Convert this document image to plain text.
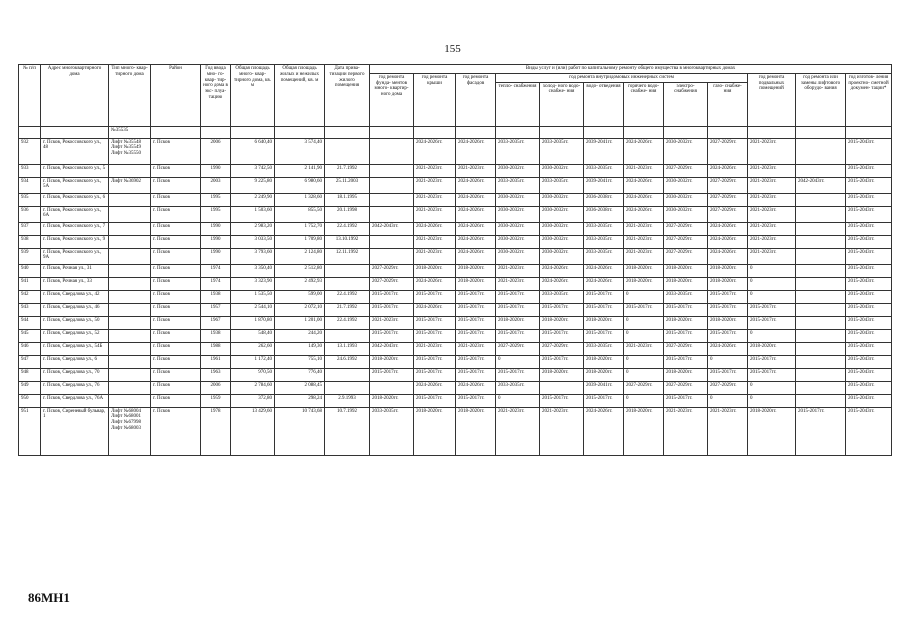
155
№ п/п	Адрес многоквартирного дома	Тип много- квар- тирного дома	Район	Год ввода мно- го- квар- тир- ного дома в экс- плуа- тацию	Общая площадь много- квар- тирного дома, кв. м	Общая площадь жилых и нежилых помещений, кв. м	Дата прива- тизации первого жилого помещения	Виды услуг и (или) работ по капитальному ремонту общего имущества в многоквартирных домах											
								год ремонта фунда- ментов много- квартир- ного дома	год ремонта крыши	год ремонта фасадов	год ремонта внутридомовых инженерных систем						год ремонта подвальных помещений	год ремонта или замены лифтового оборудо- вания	год изготов- ления проектно- сметной докумен- тации*
											тепло- снабжения	холод- ного водо- снабже- ния	водо- отведения	горячего водо- снабже- ния	электро- снабжения	газо- снабже- ния			
		№35535																	
932	г. Псков, Рокоссовского ул., 48	Лифт №35548 Лифт №35549 Лифт №35550	г. Псков	2006	6 640,40	3 574,40			2024-2026гг.	2024-2026гг.	2033-2035гг.	2033-2035гг.	2039-2041гг.	2024-2026гг.	2030-2032гг.	2027-2029гг.	2021-2023гг.		2015-2043гг.
933	г. Псков, Рокоссовского ул., 5		г. Псков	1990	3 742,50	2 141,90	21.7.1992		2021-2023гг.	2021-2023гг.	2030-2032гг.	2030-2032гг.	2033-2035гг.	2021-2023гг.	2027-2029гг.	2024-2026гг.	2021-2023гг.		2015-2043гг.
934	г. Псков, Рокоссовского ул., 5А	Лифт №36902	г. Псков	2003	9 225,80	6 980,60	25.11.2003		2021-2023гг.	2024-2026гг.	2033-2035гг.	2033-2035гг.	2039-2041гг.	2024-2026гг.	2030-2032гг.	2027-2029гг.	2021-2023гг.	2042-2043гг.	2015-2043гг.
935	г. Псков, Рокоссовского ул., 6		г. Псков	1995	2 249,90	1 328,60	18.1.1995		2021-2023гг.	2024-2026гг.	2030-2032гг.	2030-2032гг.	2036-2038гг.	2024-2026гг.	2030-2032гг.	2027-2029гг.	2021-2023гг.		2015-2043гг.
936	г. Псков, Рокоссовского ул., 6А		г. Псков	1995	1 503,60	855,50	20.1.1998		2021-2023гг.	2024-2026гг.	2030-2032гг.	2030-2032гг.	2036-2038гг.	2024-2026гг.	2030-2032гг.	2027-2029гг.	2021-2023гг.		2015-2043гг.
937	г. Псков, Рокоссовского ул., 7		г. Псков	1990	2 983,20	1 752,70	22.4.1992	2042-2043гг.	2024-2026гг.	2024-2026гг.	2030-2032гг.	2030-2032гг.	2033-2035гг.	2021-2023гг.	2027-2029гг.	2024-2026гг.	2021-2023гг.		2015-2043гг.
938	г. Псков, Рокоссовского ул., 9		г. Псков	1990	3 033,50	1 709,80	13.10.1992		2021-2023гг.	2024-2026гг.	2030-2032гг.	2030-2032гг.	2033-2035гг.	2021-2023гг.	2027-2029гг.	2024-2026гг.	2021-2023гг.		2015-2043гг.
939	г. Псков, Рокоссовского ул., 9А		г. Псков	1990	3 793,60	2 124,80	12.11.1992		2021-2023гг.	2024-2026гг.	2030-2032гг.	2030-2032гг.	2033-2035гг.	2021-2023гг.	2027-2029гг.	2024-2026гг.	2021-2023гг.		2015-2043гг.
940	г. Псков, Рочная ул., 31		г. Псков	1974	3 350,40	2 512,80		2027-2029гг.	2018-2020гг.	2018-2020гг.	2021-2023гг.	2024-2026гг.	2024-2026гг.	2018-2020гг.	2018-2020гг.	2018-2020гг.	0		2015-2043гг.
941	г. Псков, Рочная ул., 33		г. Псков	1974	3 323,90	2 492,93		2027-2029гг.	2024-2026гг.	2018-2020гг.	2021-2023гг.	2024-2026гг.	2024-2026гг.	2018-2020гг.	2018-2020гг.	2018-2020гг.	0		2015-2043гг.
942	г. Псков, Свердлова ул., 42		г. Псков	1938	1 535,50	599,00	22.4.1992	2015-2017гг.	2015-2017гг.	2015-2017гг.	2015-2017гг.	2033-2035гг.	2015-2017гг.	0	2033-2035гг.	2015-2017гг.	0		2015-2043гг.
943	г. Псков, Свердлова ул., 46		г. Псков	1957	2 544,10	2 072,10	21.7.1992	2015-2017гг.	2024-2026гг.	2015-2017гг.	2015-2017гг.	2015-2017гг.	2015-2017гг.	2015-2017гг.	2015-2017гг.	2015-2017гг.	2015-2017гг.		2015-2043гг.
944	г. Псков, Свердлова ул., 50		г. Псков	1967	1 870,80	1 201,00	22.4.1992	2021-2023гг.	2015-2017гг.	2015-2017гг.	2018-2020гг.	2018-2020гг.	2018-2020гг.	0	2018-2020гг.	2018-2020гг.	2015-2017гг.		2015-2043гг.
945	г. Псков, Свердлова ул., 52		г. Псков	1938	548,40	244,20		2015-2017гг.	2015-2017гг.	2015-2017гг.	2015-2017гг.	2015-2017гг.	2015-2017гг.	0	2015-2017гг.	2015-2017гг.	0		2015-2043гг.
946	г. Псков, Свердлова ул., 54Б		г. Псков	1988	262,60	149,30	13.1.1993	2042-2043гг.	2021-2023гг.	2021-2023гг.	2027-2029гг.	2027-2029гг.	2033-2035гг.	2021-2023гг.	2027-2029гг.	2024-2026гг.	2018-2020гг.		2015-2043гг.
947	г. Псков, Свердлова ул., 6		г. Псков	1961	1 172,40	755,10	24.6.1992	2018-2020гг.	2015-2017гг.	2015-2017гг.	0	2015-2017гг.	2018-2020гг.	0	2015-2017гг.	0	2015-2017гг.		2015-2043гг.
948	г. Псков, Свердлова ул., 70		г. Псков	1963	970,50	776,40		2015-2017гг.	2015-2017гг.	2015-2017гг.	2015-2017гг.	2018-2020гг.	2018-2020гг.	0	2018-2020гг.	2015-2017гг.	2015-2017гг.		2015-2043гг.
949	г. Псков, Свердлова ул., 76		г. Псков	2006	2 784,60	2 088,45			2024-2026гг.	2024-2026гг.	2033-2035гг.		2039-2041гг.	2027-2029гг.	2027-2029гг.	2027-2029гг.	0		2015-2043гг.
950	г. Псков, Свердлова ул., 76А		г. Псков	1959	372,80	298,24	2.9.1993	2018-2020гг.	2015-2017гг.	2015-2017гг.	0	2015-2017гг.	2015-2017гг.	0	2015-2017гг.	0	0		2015-2043гг.
951	г. Псков, Сиреневый бульвар, 1	Лифт №68004 Лифт №68001 Лифт №67998 Лифт №68003	г. Псков	1978	13 429,60	10 743,68	10.7.1992	2033-2035гг.	2018-2020гг.	2018-2020гг.	2021-2023гг.	2021-2023гг.	2024-2026гг.	2018-2020гг.	2021-2023гг.	2021-2023гг.	2018-2020гг.	2015-2017гг.	2015-2043гг.
86МН1
